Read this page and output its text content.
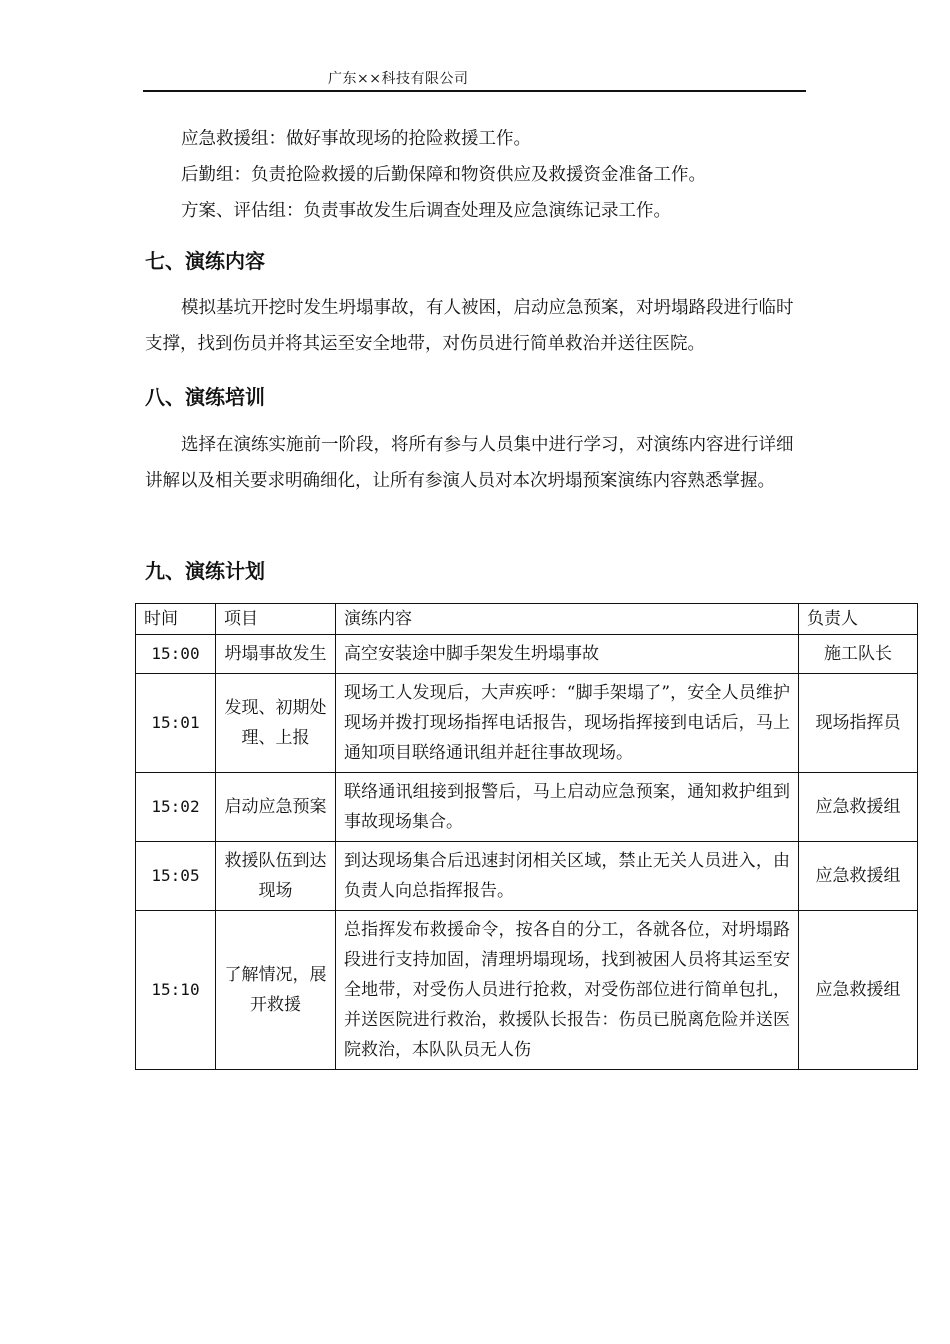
广东××科技有限公司

应急救援组：做好事故现场的抢险救援工作。

后勤组：负责抢险救援的后勤保障和物资供应及救援资金准备工作。

方案、评估组：负责事故发生后调查处理及应急演练记录工作。

七、演练内容

模拟基坑开挖时发生坍塌事故，有人被困，启动应急预案，对坍塌路段进行临时支撑，找到伤员并将其运至安全地带，对伤员进行简单救治并送往医院。

八、演练培训

选择在演练实施前一阶段，将所有参与人员集中进行学习，对演练内容进行详细讲解以及相关要求明确细化，让所有参演人员对本次坍塌预案演练内容熟悉掌握。

九、演练计划
时间	项目	演练内容	负责人
15:00	坍塌事故发生	高空安装途中脚手架发生坍塌事故	施工队长
15:01	发现、初期处理、上报	现场工人发现后，大声疾呼：“脚手架塌了”，安全人员维护现场并拨打现场指挥电话报告，现场指挥接到电话后，马上通知项目联络通讯组并赶往事故现场。	现场指挥员
15:02	启动应急预案	联络通讯组接到报警后，马上启动应急预案，通知救护组到事故现场集合。	应急救援组
15:05	救援队伍到达现场	到达现场集合后迅速封闭相关区域，禁止无关人员进入，由负责人向总指挥报告。	应急救援组
15:10	了解情况，展开救援	总指挥发布救援命令，按各自的分工，各就各位，对坍塌路段进行支持加固，清理坍塌现场，找到被困人员将其运至安全地带，对受伤人员进行抢救，对受伤部位进行简单包扎，并送医院进行救治，救援队长报告：伤员已脱离危险并送医院救治，本队队员无人伤	应急救援组
